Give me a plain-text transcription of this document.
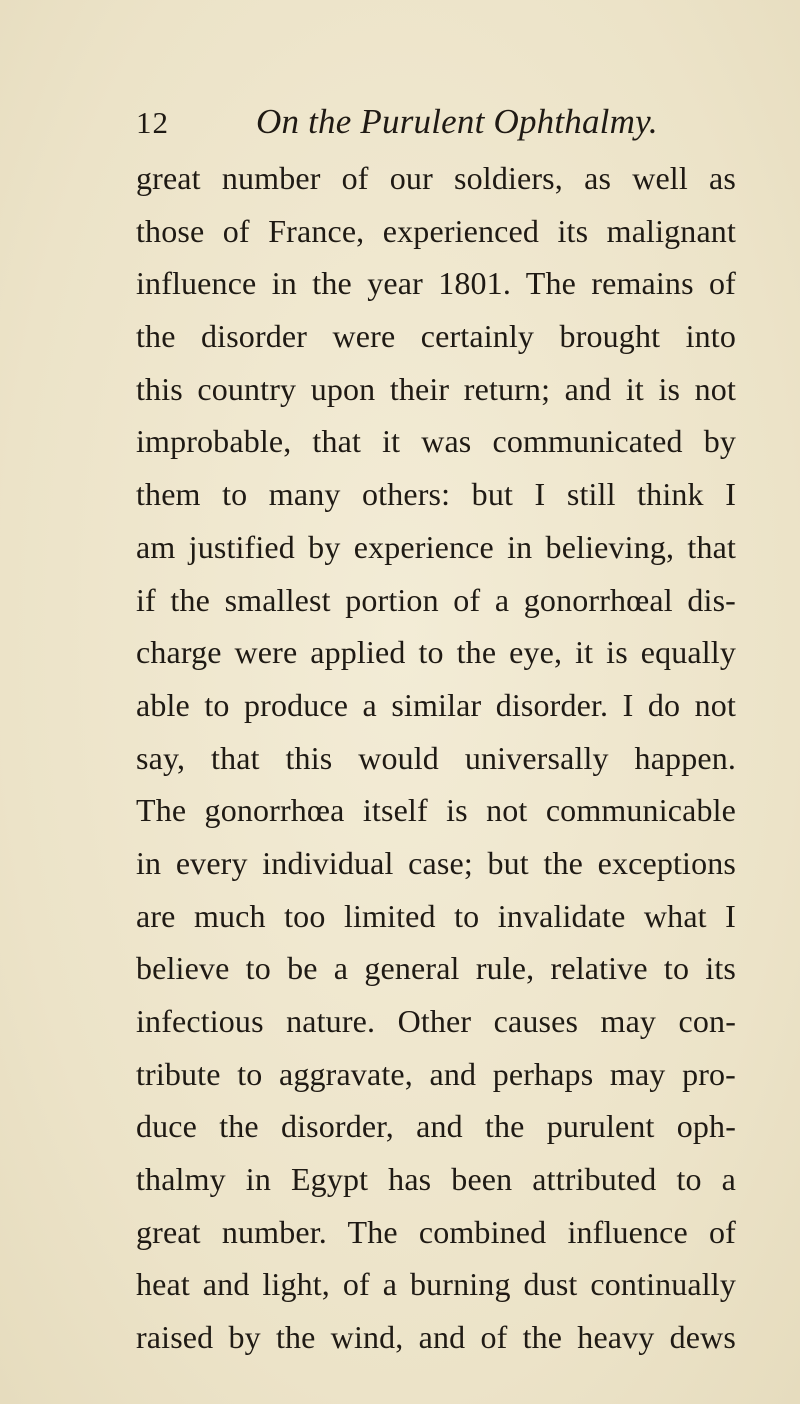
12	On the Purulent Ophthalmy.
great number of our soldiers, as well as
those of France, experienced its malignant
influence in the year 1801. The remains of
the disorder were certainly brought into
this country upon their return; and it is not
improbable, that it was communicated by
them to many others: but I still think I
am justified by experience in believing, that
if the smallest portion of a gonorrhœal dis-
charge were applied to the eye, it is equally
able to produce a similar disorder. I do not
say, that this would universally happen.
The gonorrhœa itself is not communicable
in every individual case; but the exceptions
are much too limited to invalidate what I
believe to be a general rule, relative to its
infectious nature. Other causes may con-
tribute to aggravate, and perhaps may pro-
duce the disorder, and the purulent oph-
thalmy in Egypt has been attributed to a
great number. The combined influence of
heat and light, of a burning dust continually
raised by the wind, and of the heavy dews
